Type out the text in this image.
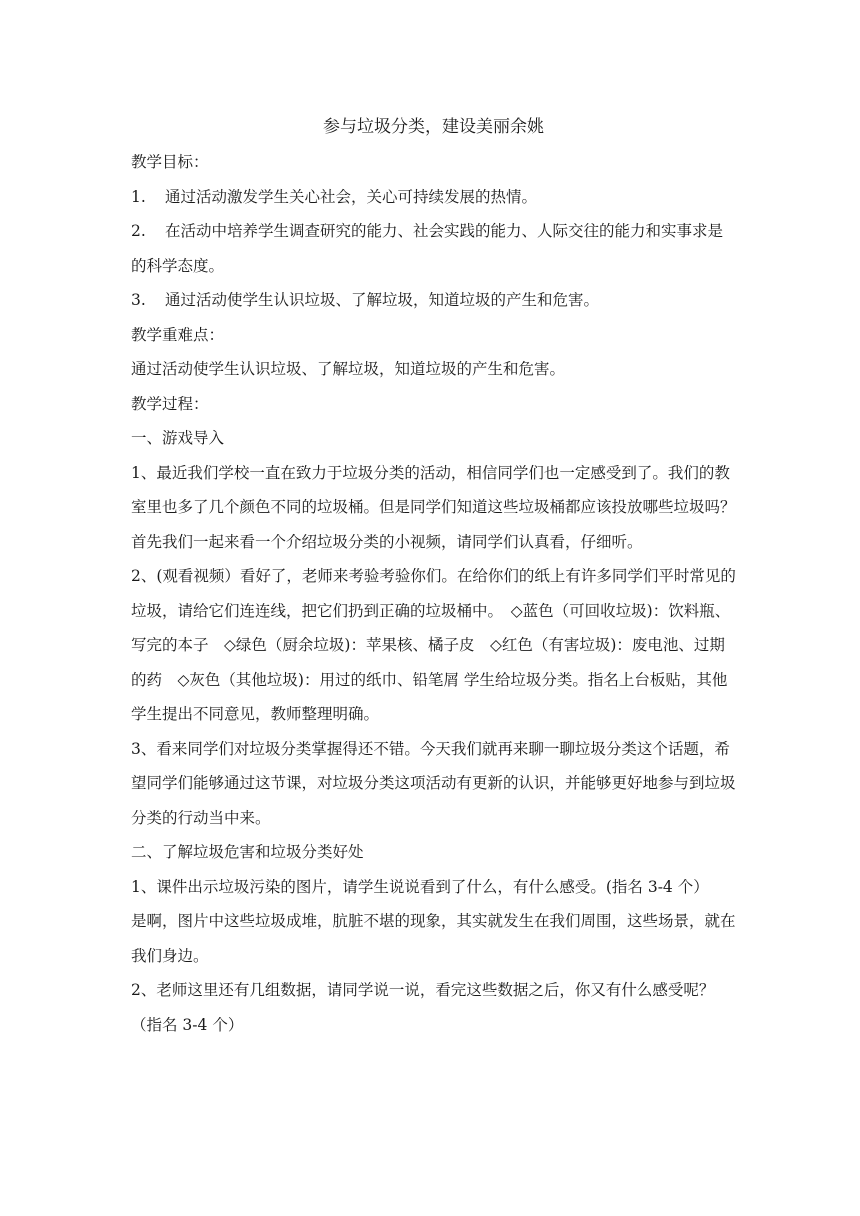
参与垃圾分类，建设美丽余姚

教学目标：

1. 通过活动激发学生关心社会，关心可持续发展的热情。

2. 在活动中培养学生调查研究的能力、社会实践的能力、人际交往的能力和实事求是的科学态度。

3. 通过活动使学生认识垃圾、了解垃圾，知道垃圾的产生和危害。

教学重难点：

通过活动使学生认识垃圾、了解垃圾，知道垃圾的产生和危害。

教学过程：

一、游戏导入

1、最近我们学校一直在致力于垃圾分类的活动，相信同学们也一定感受到了。我们的教室里也多了几个颜色不同的垃圾桶。但是同学们知道这些垃圾桶都应该投放哪些垃圾吗？　 首先我们一起来看一个介绍垃圾分类的小视频，请同学们认真看，仔细听。

2、(观看视频）看好了，老师来考验考验你们。在给你们的纸上有许多同学们平时常见的垃圾，请给它们连连线，把它们扔到正确的垃圾桶中。　◇蓝色（可回收垃圾)：饮料瓶、写完的本子　◇绿色（厨余垃圾)：苹果核、橘子皮　◇红色（有害垃圾)：废电池、过期的药　◇灰色（其他垃圾)：用过的纸巾、铅笔屑 学生给垃圾分类。指名上台板贴，其他学生提出不同意见，教师整理明确。

3、看来同学们对垃圾分类掌握得还不错。今天我们就再来聊一聊垃圾分类这个话题，希望同学们能够通过这节课，对垃圾分类这项活动有更新的认识，并能够更好地参与到垃圾分类的行动当中来。

二、了解垃圾危害和垃圾分类好处

1、课件出示垃圾污染的图片，请学生说说看到了什么，有什么感受。(指名 3-4 个）

是啊，图片中这些垃圾成堆，肮脏不堪的现象，其实就发生在我们周围，这些场景，就在我们身边。

2、老师这里还有几组数据，请同学说一说，看完这些数据之后，你又有什么感受呢？（指名 3-4 个）
